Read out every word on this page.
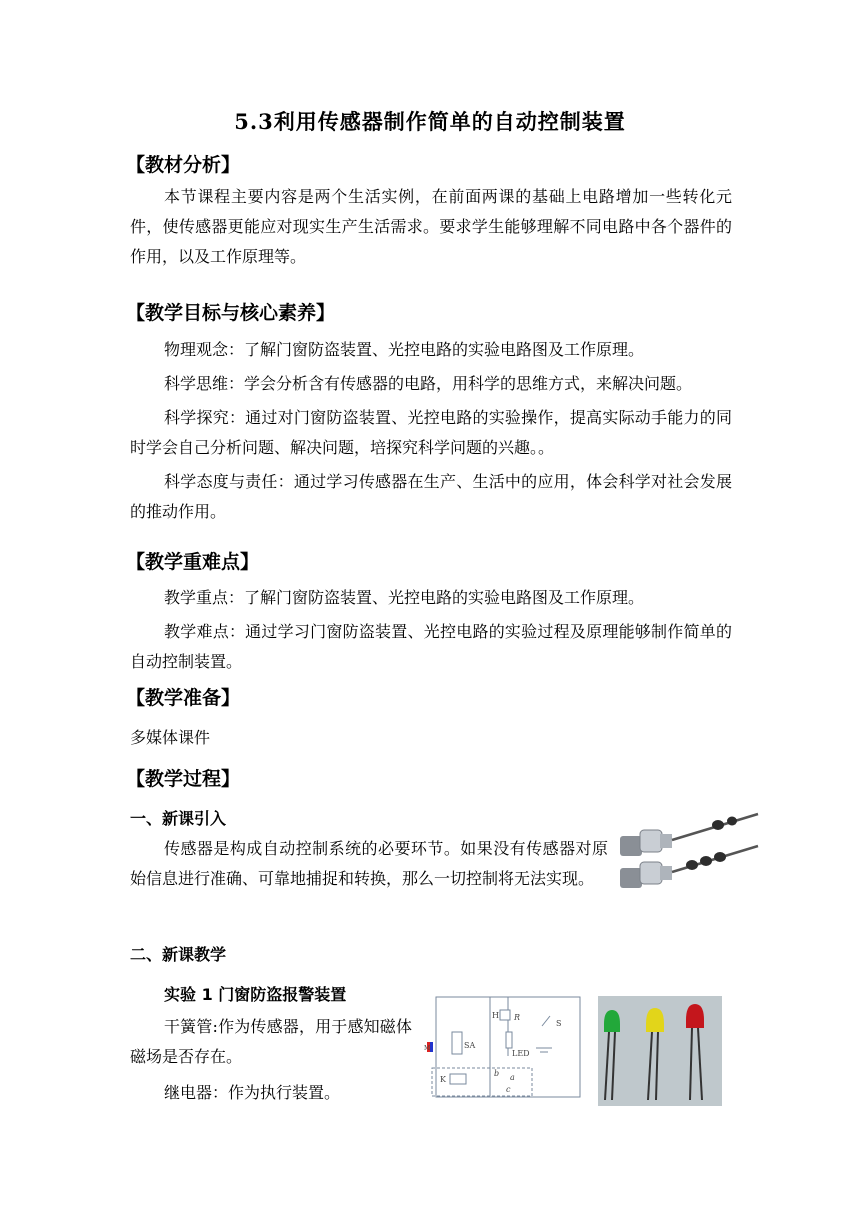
5.3利用传感器制作简单的自动控制装置
【教材分析】
本节课程主要内容是两个生活实例，在前面两课的基础上电路增加一些转化元件，使传感器更能应对现实生产生活需求。要求学生能够理解不同电路中各个器件的作用，以及工作原理等。
【教学目标与核心素养】
物理观念：了解门窗防盗装置、光控电路的实验电路图及工作原理。
科学思维：学会分析含有传感器的电路，用科学的思维方式，来解决问题。
科学探究：通过对门窗防盗装置、光控电路的实验操作，提高实际动手能力的同时学会自己分析问题、解决问题，培探究科学问题的兴趣。。
科学态度与责任：通过学习传感器在生产、生活中的应用，体会科学对社会发展的推动作用。
【教学重难点】
教学重点：了解门窗防盗装置、光控电路的实验电路图及工作原理。
教学难点：通过学习门窗防盗装置、光控电路的实验过程及原理能够制作简单的自动控制装置。
【教学准备】
多媒体课件
【教学过程】
一、新课引入
传感器是构成自动控制系统的必要环节。如果没有传感器对原始信息进行准确、可靠地捕捉和转换，那么一切控制将无法实现。
二、新课教学
实验 1 门窗防盗报警装置
干簧管:作为传感器，用于感知磁体磁场是否存在。
继电器：作为执行装置。
M	SA
H R
LED
S
K
b a
c
